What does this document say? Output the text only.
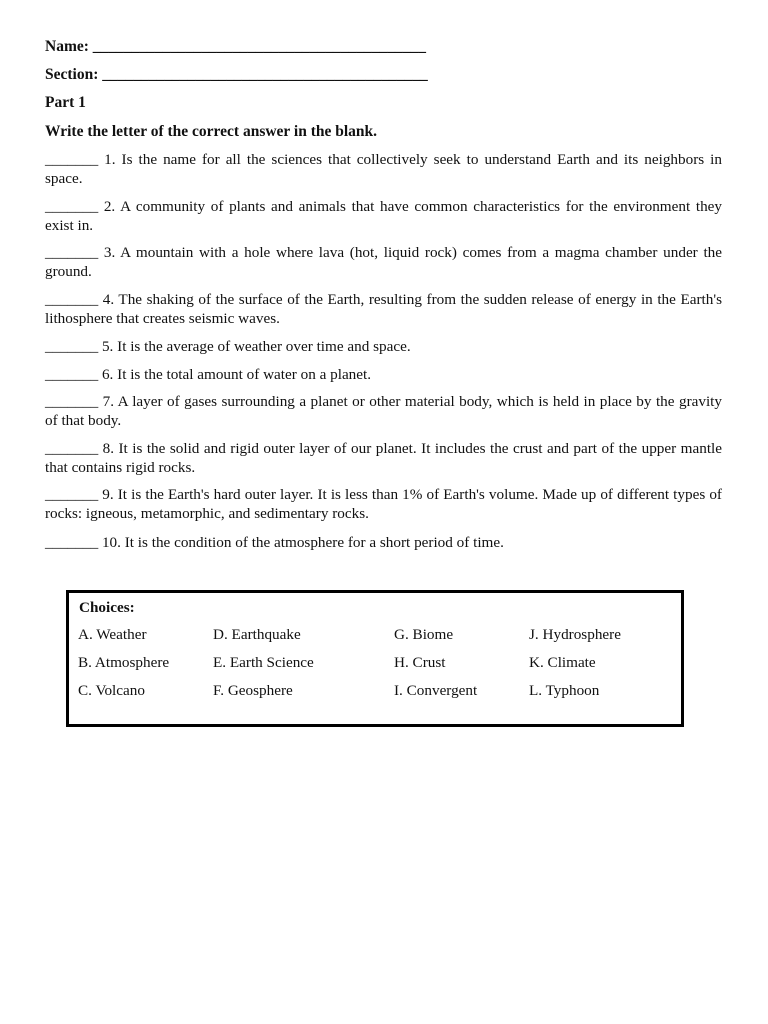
Name: ___________________________________________
Section: __________________________________________
Part 1
Write the letter of the correct answer in the blank.
_______ 1. Is the name for all the sciences that collectively seek to understand Earth and its neighbors in space.
_______ 2. A community of plants and animals that have common characteristics for the environment they exist in.
_______ 3. A mountain with a hole where lava (hot, liquid rock) comes from a magma chamber under the ground.
_______ 4. The shaking of the surface of the Earth, resulting from the sudden release of energy in the Earth's lithosphere that creates seismic waves.
_______ 5. It is the average of weather over time and space.
_______ 6. It is the total amount of water on a planet.
_______ 7. A layer of gases surrounding a planet or other material body, which is held in place by the gravity of that body.
_______ 8. It is the solid and rigid outer layer of our planet. It includes the crust and part of the upper mantle that contains rigid rocks.
_______ 9. It is the Earth's hard outer layer. It is less than 1% of Earth's volume. Made up of different types of rocks: igneous, metamorphic, and sedimentary rocks.
_______ 10. It is the condition of the atmosphere for a short period of time.
Choices:
A. Weather	D. Earthquake	G. Biome	J. Hydrosphere
B. Atmosphere	E. Earth Science	H. Crust	K. Climate
C. Volcano	F. Geosphere	I. Convergent	L. Typhoon
